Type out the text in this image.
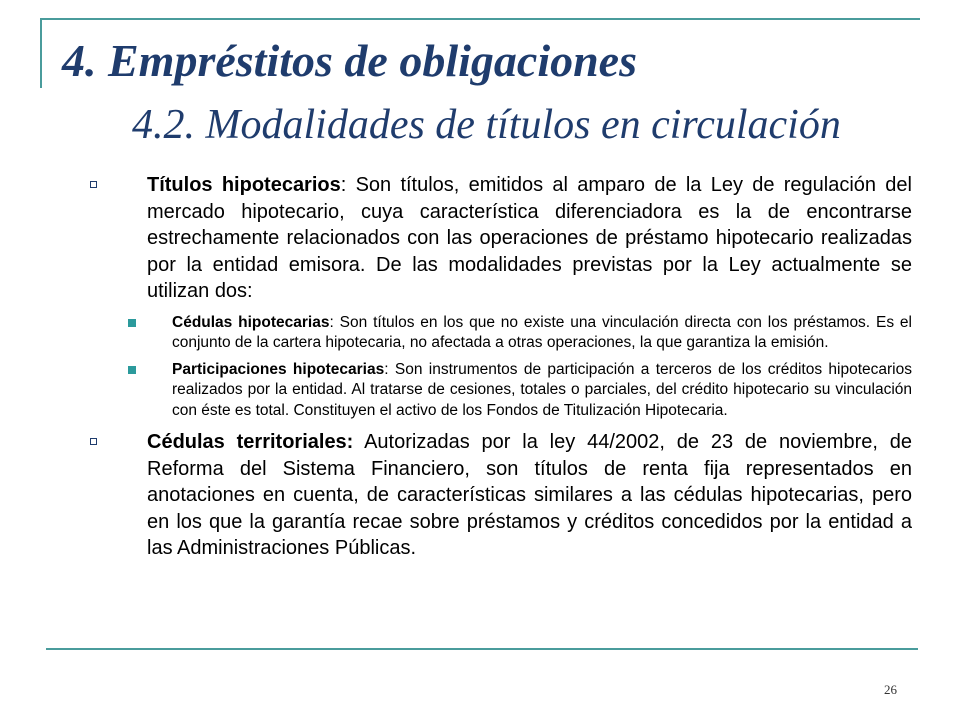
4. Empréstitos de obligaciones
4.2. Modalidades de títulos en circulación

Títulos hipotecarios: Son títulos, emitidos al amparo de la Ley de regulación del mercado hipotecario, cuya característica diferenciadora es la de encontrarse estrechamente relacionados con las operaciones de préstamo hipotecario realizadas por la entidad emisora. De las modalidades previstas por la Ley actualmente se utilizan dos:

Cédulas hipotecarias: Son títulos en los que no existe una vinculación directa con los préstamos. Es el conjunto de la cartera hipotecaria, no afectada a otras operaciones, la que garantiza la emisión.

Participaciones hipotecarias: Son instrumentos de participación a terceros de los créditos hipotecarios realizados por la entidad. Al tratarse de cesiones, totales o parciales, del crédito hipotecario su vinculación con éste es total. Constituyen el activo de los Fondos de Titulización Hipotecaria.

Cédulas territoriales: Autorizadas por la ley 44/2002, de 23 de noviembre, de Reforma del Sistema Financiero, son títulos de renta fija representados en anotaciones en cuenta, de características similares a las cédulas hipotecarias, pero en los que la garantía recae sobre préstamos y créditos concedidos por la entidad a las Administraciones Públicas.

26
